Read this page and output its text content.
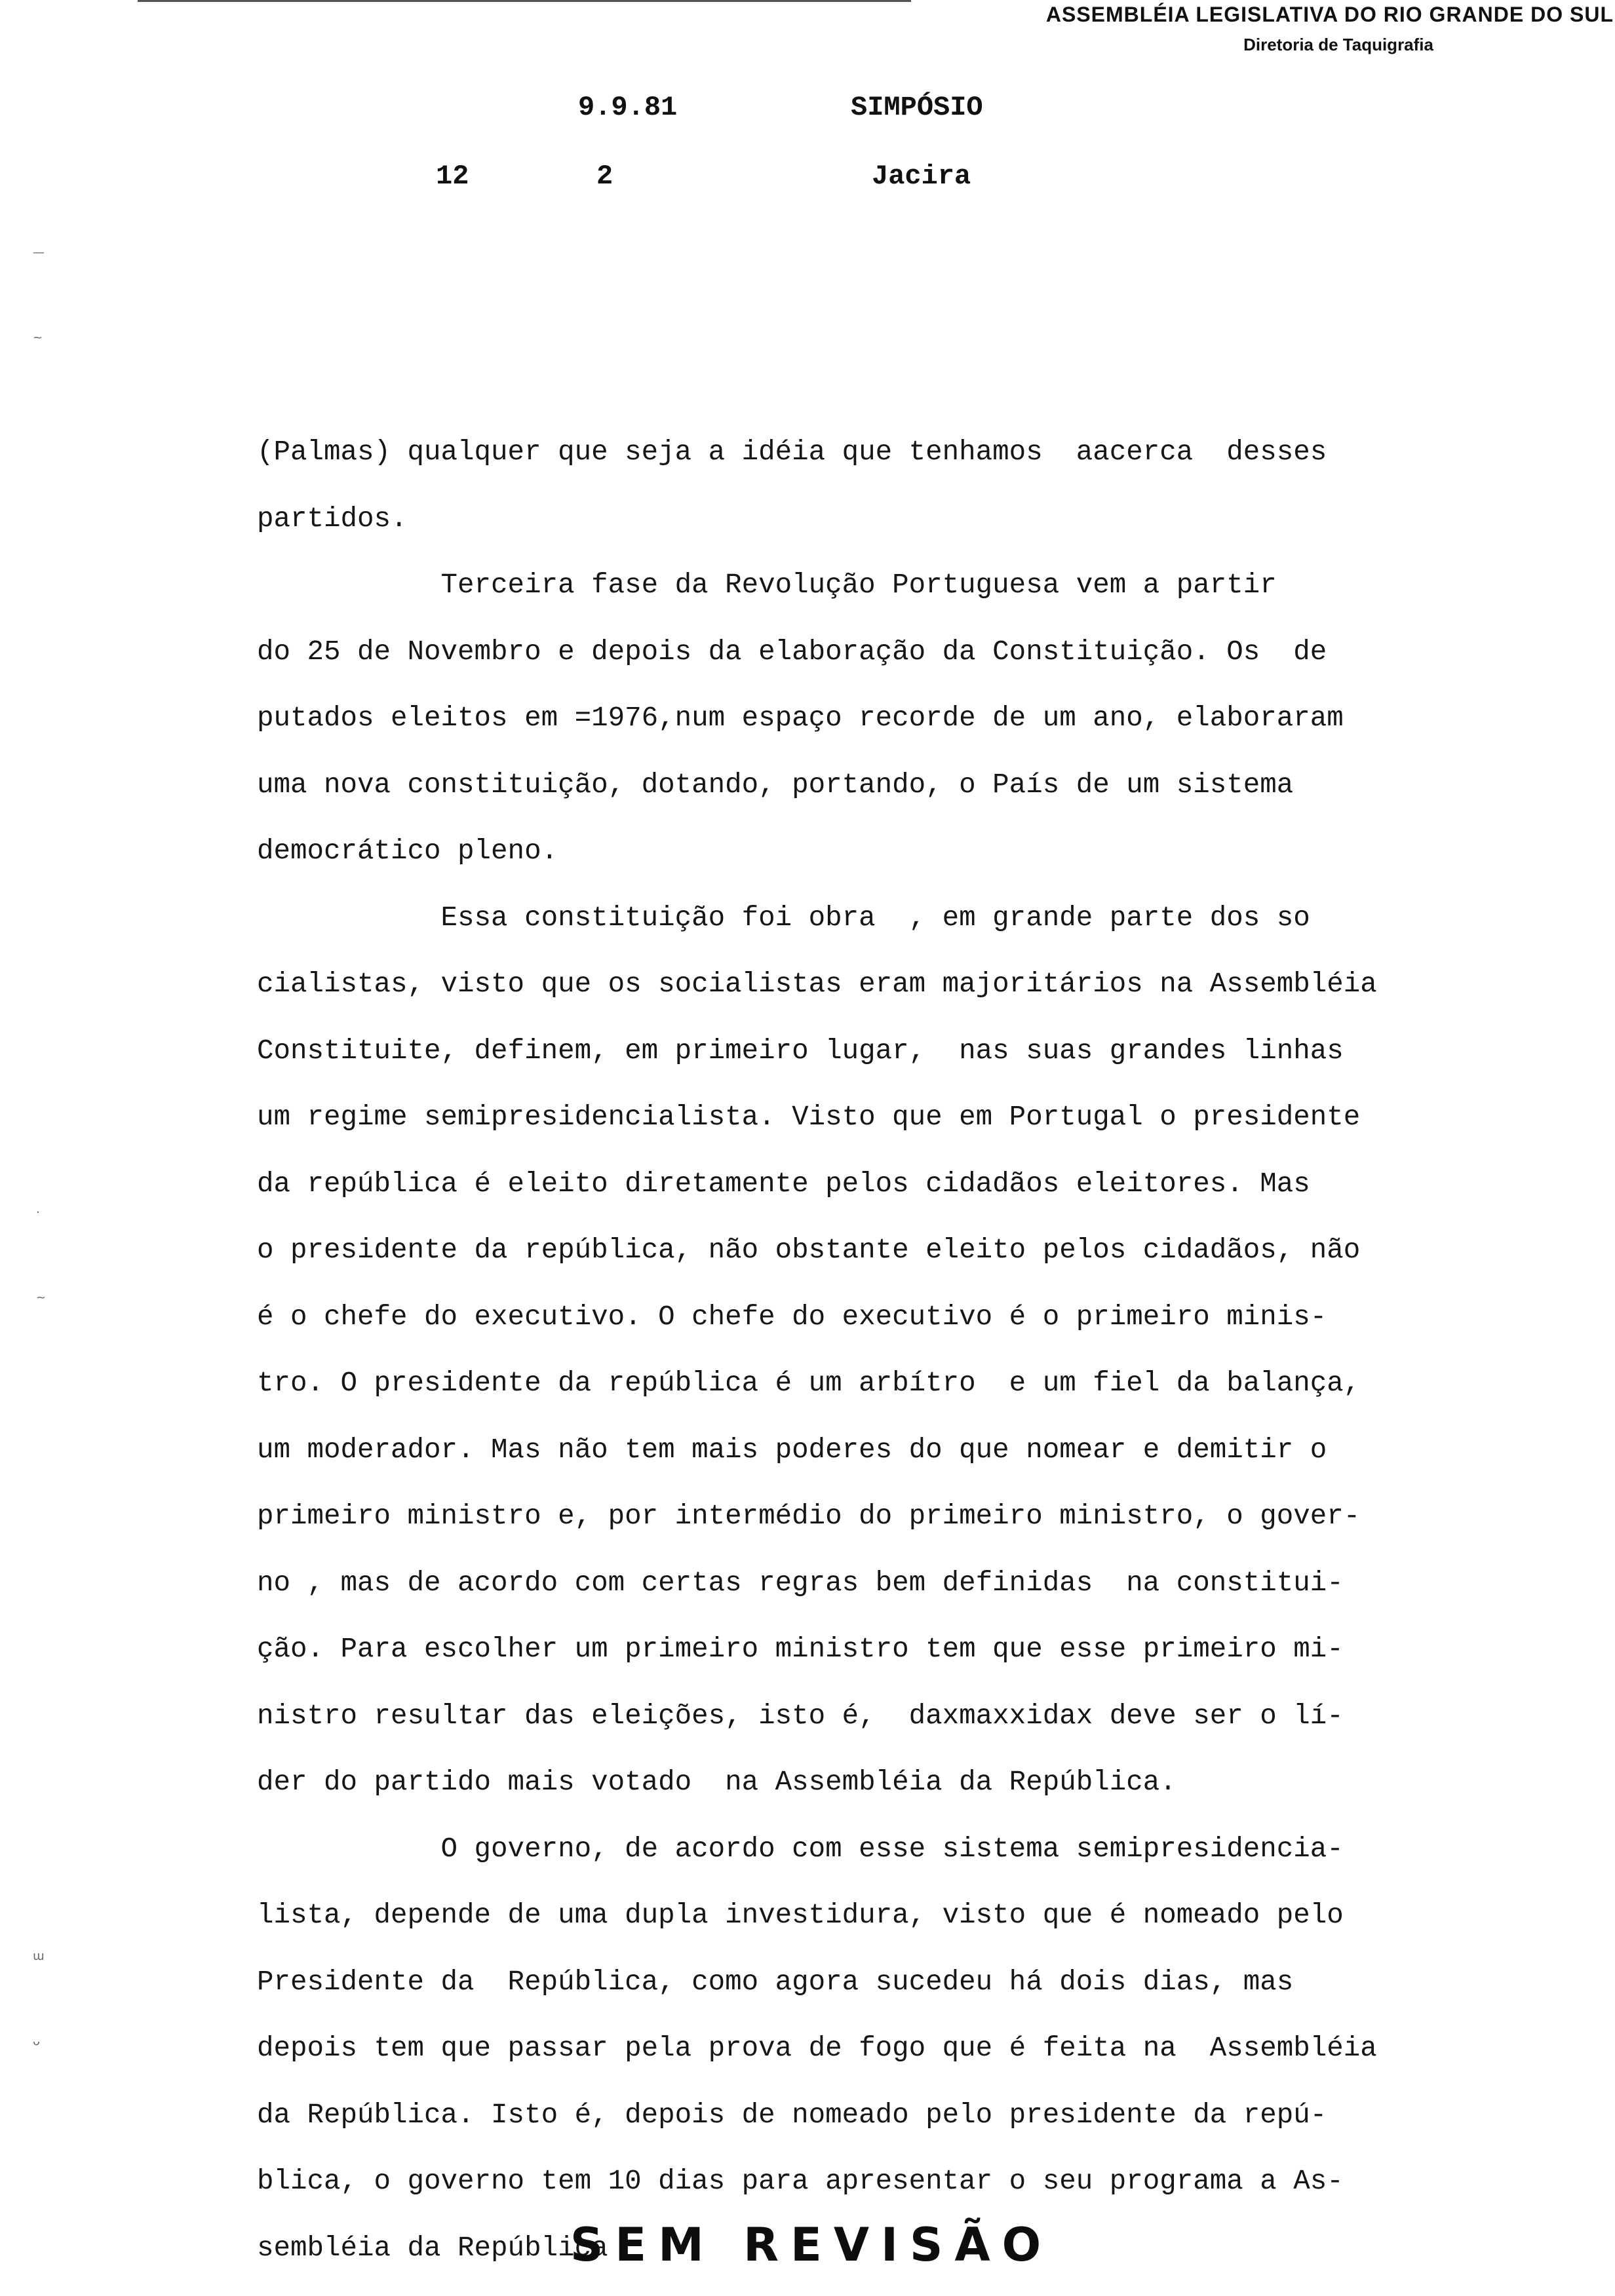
ASSEMBLÉIA LEGISLATIVA DO RIO GRANDE DO SUL
Diretoria de Taquigrafia
9.9.81	SIMPÓSIO
12	2	Jacira
—
~
·
~
ɯ
ᴗ

(Palmas) qualquer que seja a idéia que tenhamos  aacerca  desses

partidos.

Terceira fase da Revolução Portuguesa vem a partir

do 25 de Novembro e depois da elaboração da Constituição. Os  de

putados eleitos em =1976,num espaço recorde de um ano, elaboraram

uma nova constituição, dotando, portando, o País de um sistema

democrático pleno.

Essa constituição foi obra  , em grande parte dos so

cialistas, visto que os socialistas eram majoritários na Assembléia

Constituite, definem, em primeiro lugar,  nas suas grandes linhas

um regime semipresidencialista. Visto que em Portugal o presidente

da república é eleito diretamente pelos cidadãos eleitores. Mas

o presidente da república, não obstante eleito pelos cidadãos, não

é o chefe do executivo. O chefe do executivo é o primeiro minis-

tro. O presidente da república é um arbítro  e um fiel da balança,

um moderador. Mas não tem mais poderes do que nomear e demitir o

primeiro ministro e, por intermédio do primeiro ministro, o gover-

no , mas de acordo com certas regras bem definidas  na constitui-

ção. Para escolher um primeiro ministro tem que esse primeiro mi-

nistro resultar das eleições, isto é,  daxmaxxidax deve ser o lí-

der do partido mais votado  na Assembléia da República.

O governo, de acordo com esse sistema semipresidencia-

lista, depende de uma dupla investidura, visto que é nomeado pelo

Presidente da  República, como agora sucedeu há dois dias, mas

depois tem que passar pela prova de fogo que é feita na  Assembléia

da República. Isto é, depois de nomeado pelo presidente da repú-

blica, o governo tem 10 dias para apresentar o seu programa a As-

sembléia da República

SEM REVISÃO
